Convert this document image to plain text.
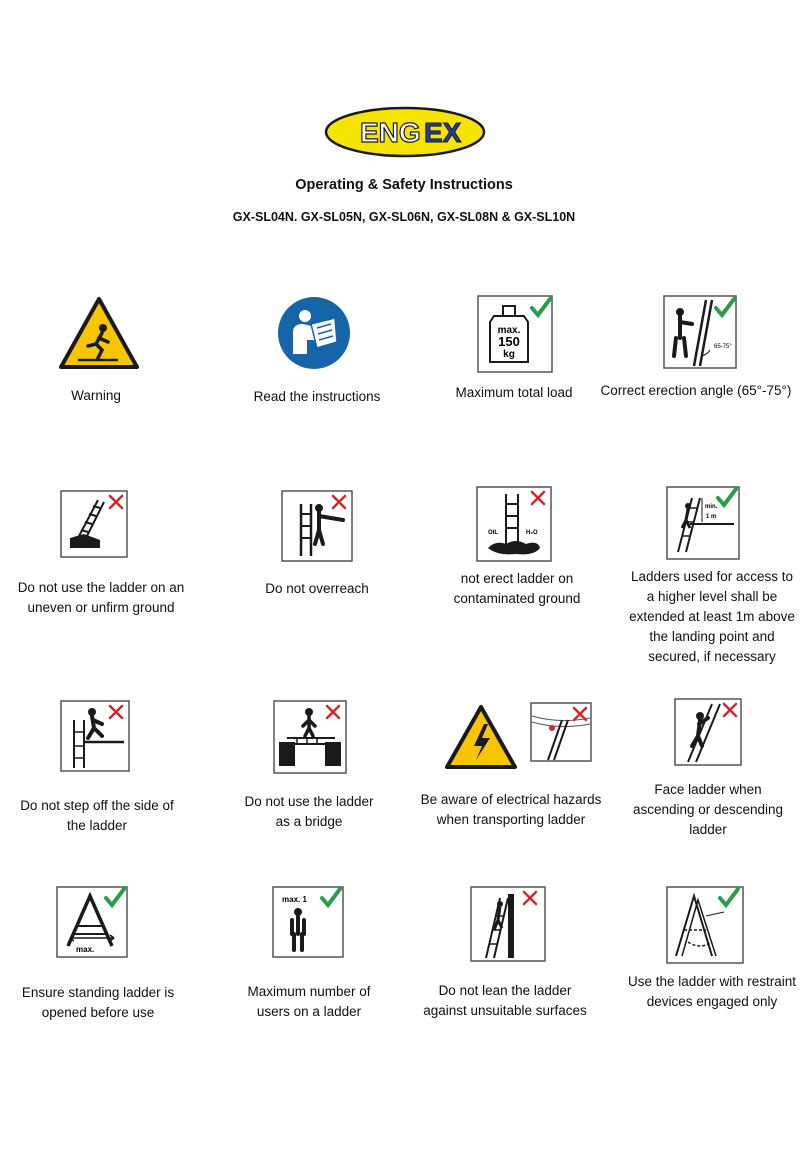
ENG EX
Operating & Safety Instructions
GX-SL04N. GX-SL05N, GX-SL06N, GX-SL08N & GX-SL10N
Warning	Read the instructions
max.
150
kg
Maximum total load
65-75°
Correct erection angle (65°-75°)
Do not use the ladder on an uneven or unfirm ground
Do not overreach
OIL	H₂O
not erect ladder on contaminated ground
min.
1 m
Ladders used for access to a higher level shall be extended at least 1m above the landing point and secured, if necessary
Do not step off the side of the ladder
Do not use the ladder as a bridge
Be aware of electrical hazards when transporting ladder
Face ladder when ascending or descending ladder
max.
Ensure standing ladder is opened before use
max. 1
Maximum number of users on a ladder
Do not lean the ladder against unsuitable surfaces
Use the ladder with restraint devices engaged only
